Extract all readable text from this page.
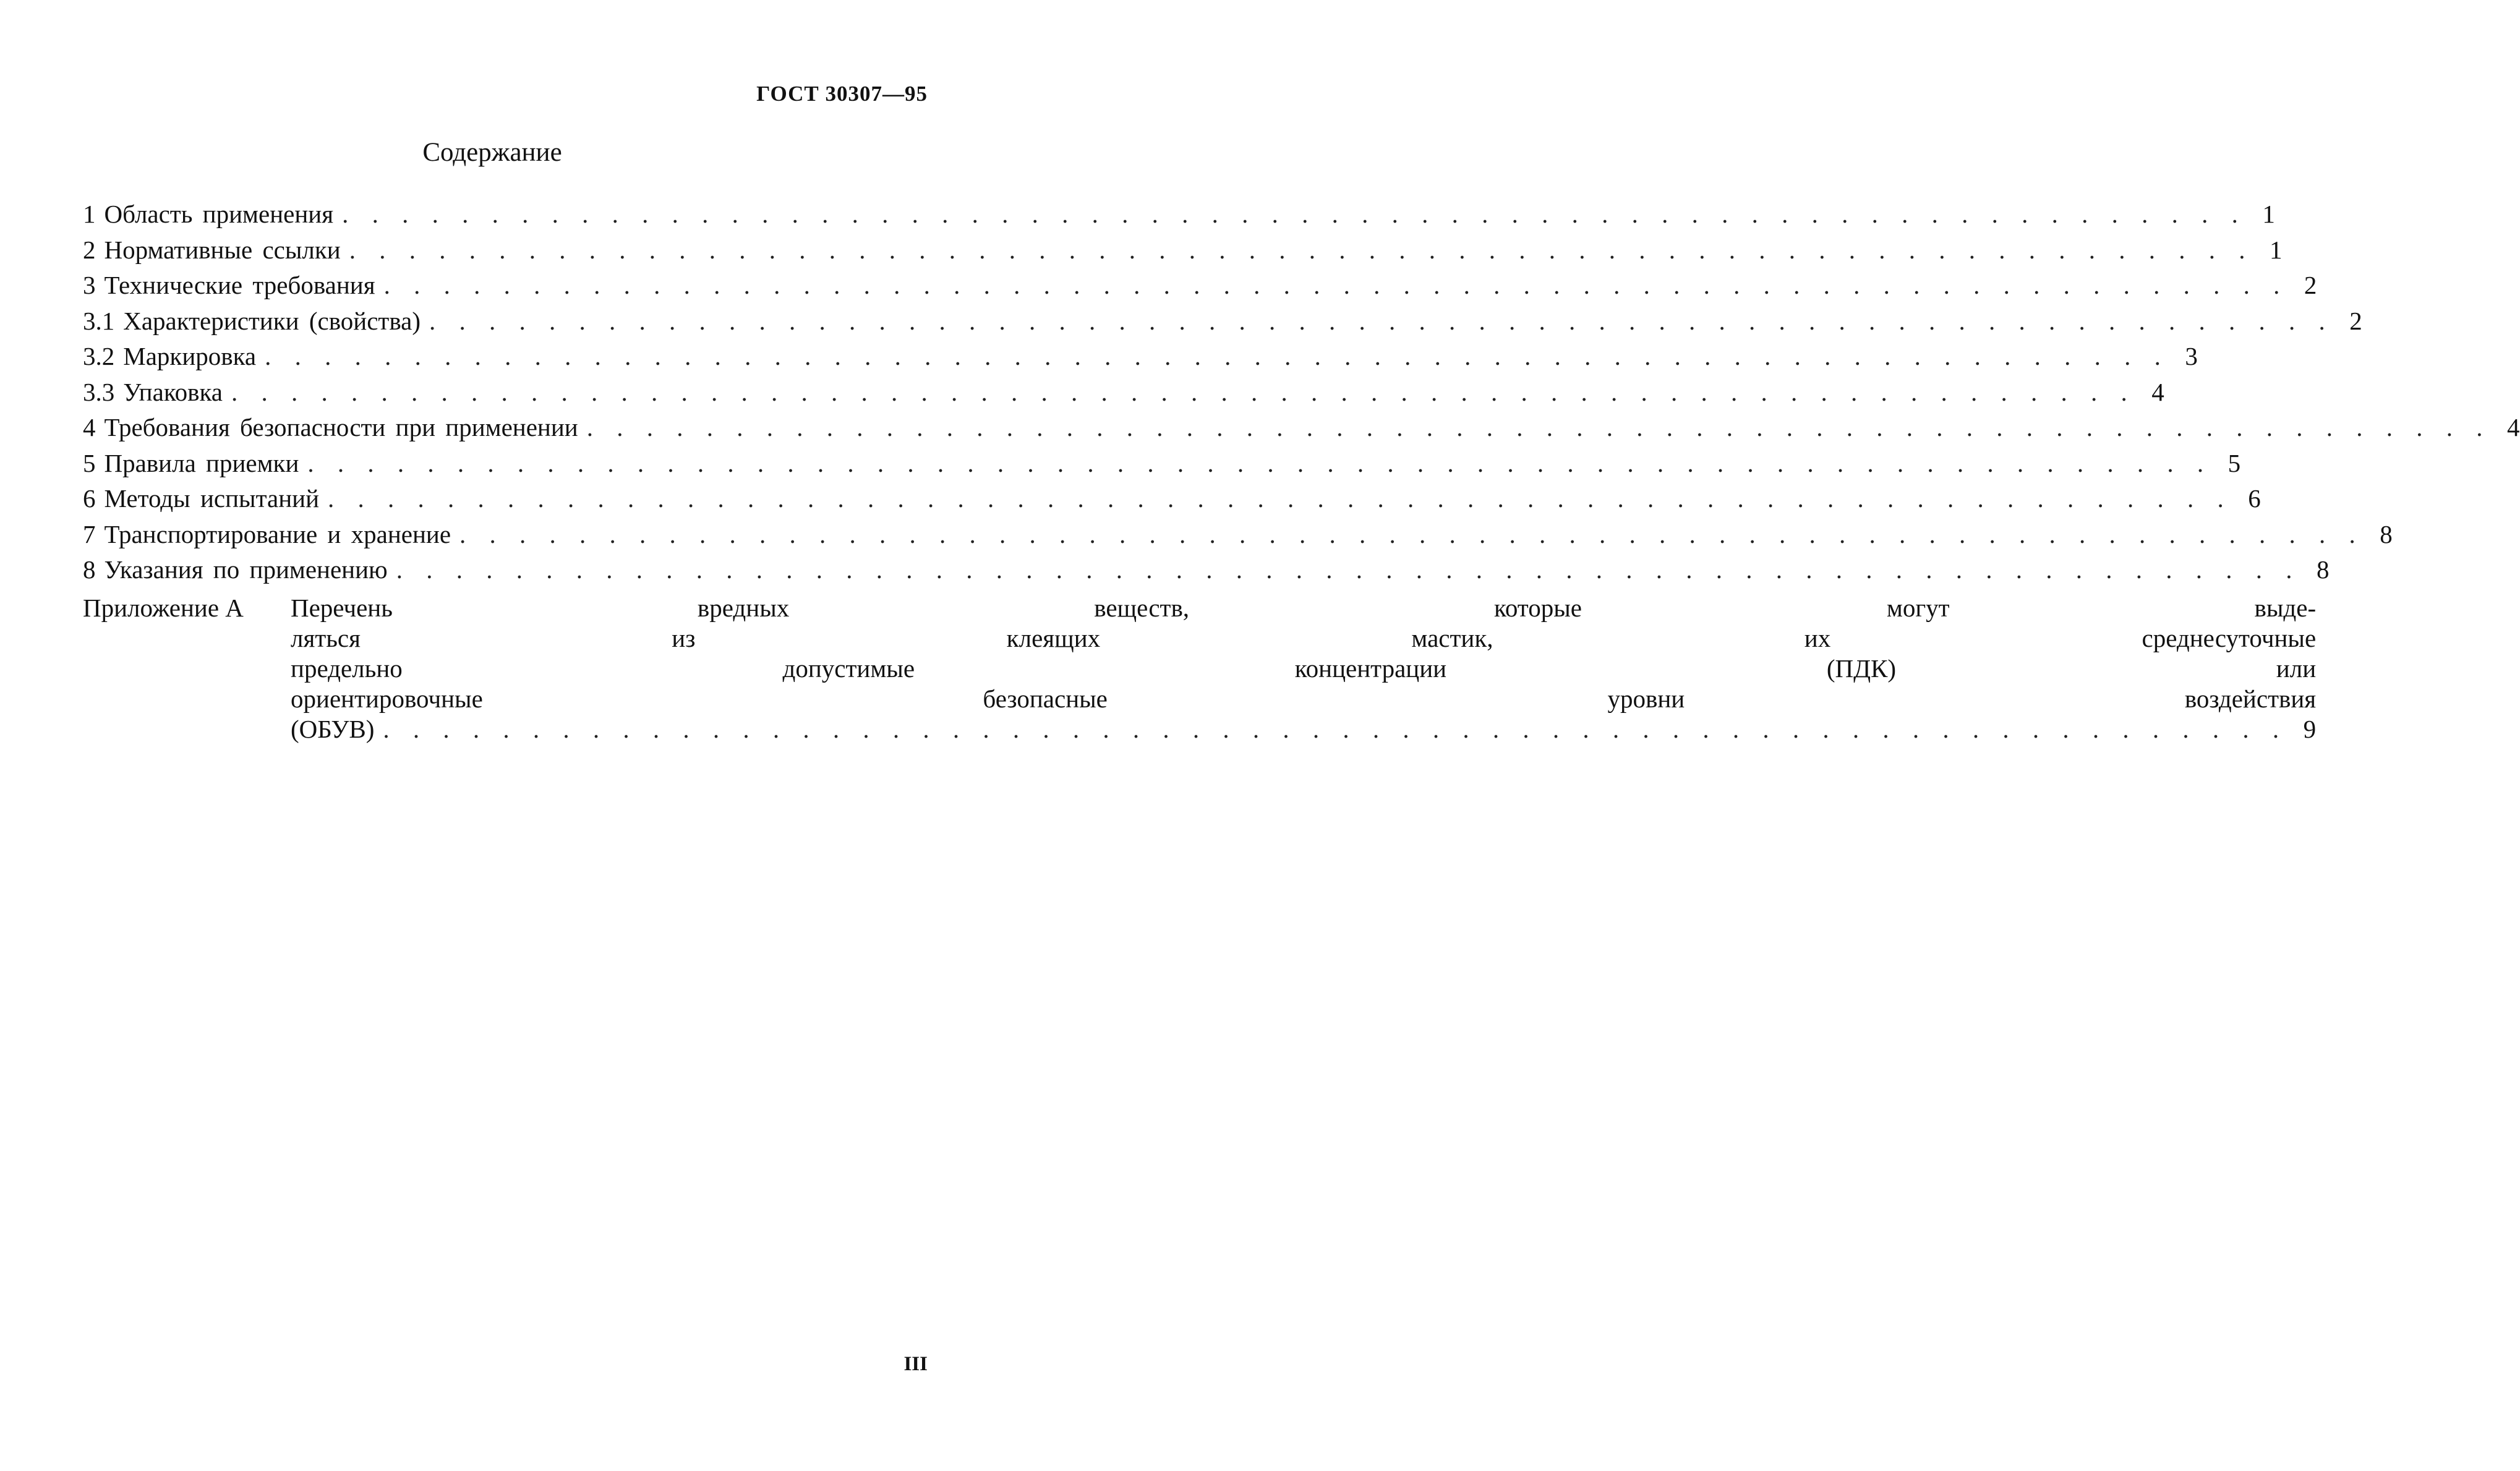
ГОСТ 30307—95
Содержание
1 Область применения . . .	1
2 Нормативные ссылки . . .	1
3 Технические требования . . .	2
3.1 Характеристики (свойства) . . .	2
3.2 Маркировка . . .	3
3.3 Упаковка . . .	4
4 Требования безопасности при применении . . .	4
5 Правила приемки . . .	5
6 Методы испытаний . . .	6
7 Транспортирование и хранение . . .	8
8 Указания по применению . . .	8
Приложение А	Перечень вредных веществ, которые могут выде-
ляться из клеящих мастик, их среднесуточные
предельно допустимые концентрации (ПДК) или
ориентировочные безопасные уровни воздействия
(ОБУВ) . . .	9
III
